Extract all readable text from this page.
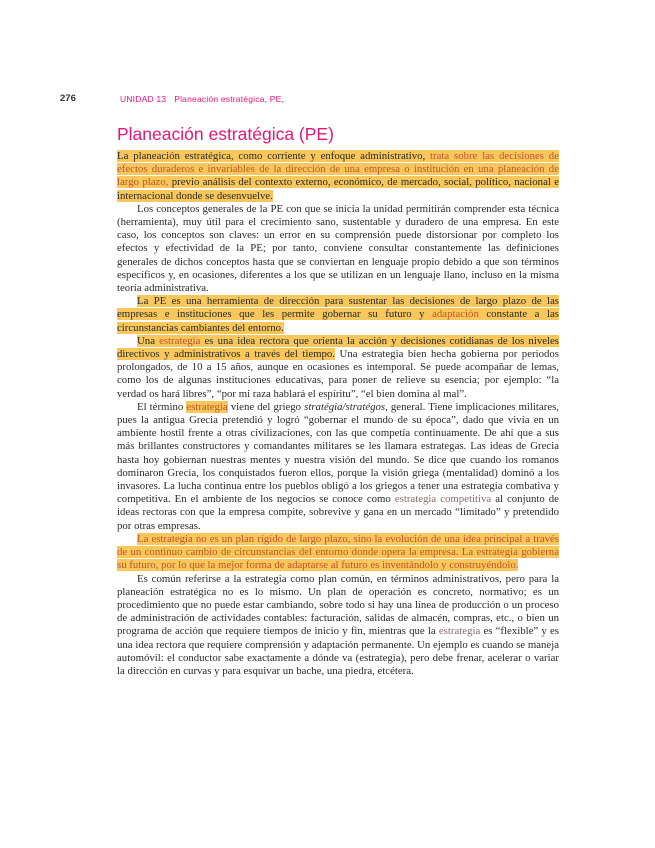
276	UNIDAD 13 Planeación estratégica, PE,
Planeación estratégica (PE)

La planeación estratégica, como corriente y enfoque administrativo, trata sobre las decisiones de efectos duraderos e invariables de la dirección de una empresa o institución en una planeación de largo plazo, previo análisis del contexto externo, económico, de mercado, social, político, nacional e internacional donde se desenvuelve.

Los conceptos generales de la PE con que se inicia la unidad permitirán comprender esta técnica (herramienta), muy útil para el crecimiento sano, sustentable y duradero de una empresa. En este caso, los conceptos son claves: un error en su comprensión puede distorsionar por completo los efectos y efectividad de la PE; por tanto, conviene consultar constantemente las definiciones generales de dichos conceptos hasta que se conviertan en lenguaje propio debido a que son términos específicos y, en ocasiones, diferentes a los que se utilizan en un lenguaje llano, incluso en la misma teoría administrativa.

La PE es una herramienta de dirección para sustentar las decisiones de largo plazo de las empresas e instituciones que les permite gobernar su futuro y adaptación constante a las circunstancias cambiantes del entorno.

Una estrategia es una idea rectora que orienta la acción y decisiones cotidianas de los niveles directivos y administrativos a través del tiempo. Una estrategia bien hecha gobierna por periodos prolongados, de 10 a 15 años, aunque en ocasiones es intemporal. Se puede acompañar de lemas, como los de algunas instituciones educativas, para poner de relieve su esencia; por ejemplo: “la verdad os hará libres”, “por mi raza hablará el espíritu”, “el bien domina al mal”.

El término estrategia viene del griego stratégia/stratégos, general. Tiene implicaciones militares, pues la antigua Grecia pretendió y logró “gobernar el mundo de su época”, dado que vivía en un ambiente hostil frente a otras civilizaciones, con las que competía continuamente. De ahí que a sus más brillantes constructores y comandantes militares se les llamara estrategas. Las ideas de Grecia hasta hoy gobiernan nuestras mentes y nuestra visión del mundo. Se dice que cuando los romanos dominaron Grecia, los conquistados fueron ellos, porque la visión griega (mentalidad) dominó a los invasores. La lucha continua entre los pueblos obligó a los griegos a tener una estrategia combativa y competitiva. En el ambiente de los negocios se conoce como estrategia competitiva al conjunto de ideas rectoras con que la empresa compite, sobrevive y gana en un mercado “limitado” y pretendido por otras empresas.

La estrategia no es un plan rígido de largo plazo, sino la evolución de una idea principal a través de un continuo cambio de circunstancias del entorno donde opera la empresa. La estrategia gobierna su futuro, por lo que la mejor forma de adaptarse al futuro es inventándolo y construyéndolo.

Es común referirse a la estrategia como plan común, en términos administrativos, pero para la planeación estratégica no es lo mismo. Un plan de operación es concreto, normativo; es un procedimiento que no puede estar cambiando, sobre todo si hay una línea de producción o un proceso de administración de actividades contables: facturación, salidas de almacén, compras, etc., o bien un programa de acción que requiere tiempos de inicio y fin, mientras que la estrategia es “flexible” y es una idea rectora que requiere comprensión y adaptación permanente. Un ejemplo es cuando se maneja automóvil: el conductor sabe exactamente a dónde va (estrategia), pero debe frenar, acelerar o variar la dirección en curvas y para esquivar un bache, una piedra, etcétera.
